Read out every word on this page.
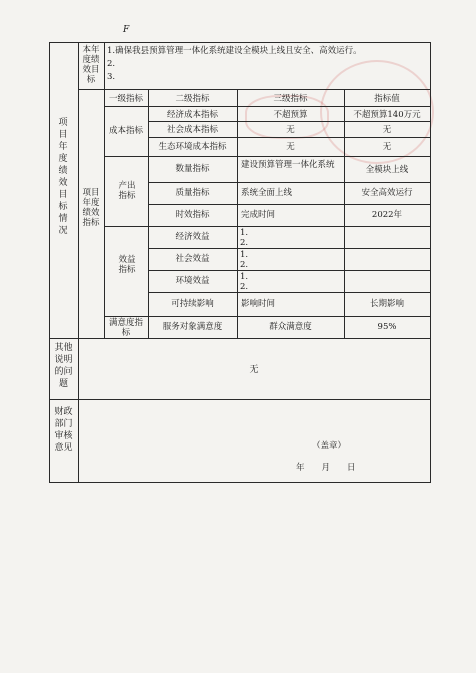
F
本年度绩效目标
1.确保我县预算管理一体化系统建设全模块上线且安全、高效运行。
2.
3.
项目年度绩效目标情况
项目年度绩效指标
一级指标	二级指标	三级指标	指标值
成本指标
经济成本指标	不超预算	不超预算140万元
社会成本指标	无	无
生态环境成本指标	无	无
产出指标
数量指标	建设预算管理一体化系统	全模块上线
质量指标	系统全面上线	安全高效运行
时效指标	完成时间	2022年
效益指标
经济效益	1.
2.
社会效益	1.
2.
环境效益	1.
2.
可持续影响	影响时间	长期影响
满意度指标
服务对象满意度	群众满意度	95%
其他说明的问题
无
财政部门审核意见	（盖章）
年　　月　　日
